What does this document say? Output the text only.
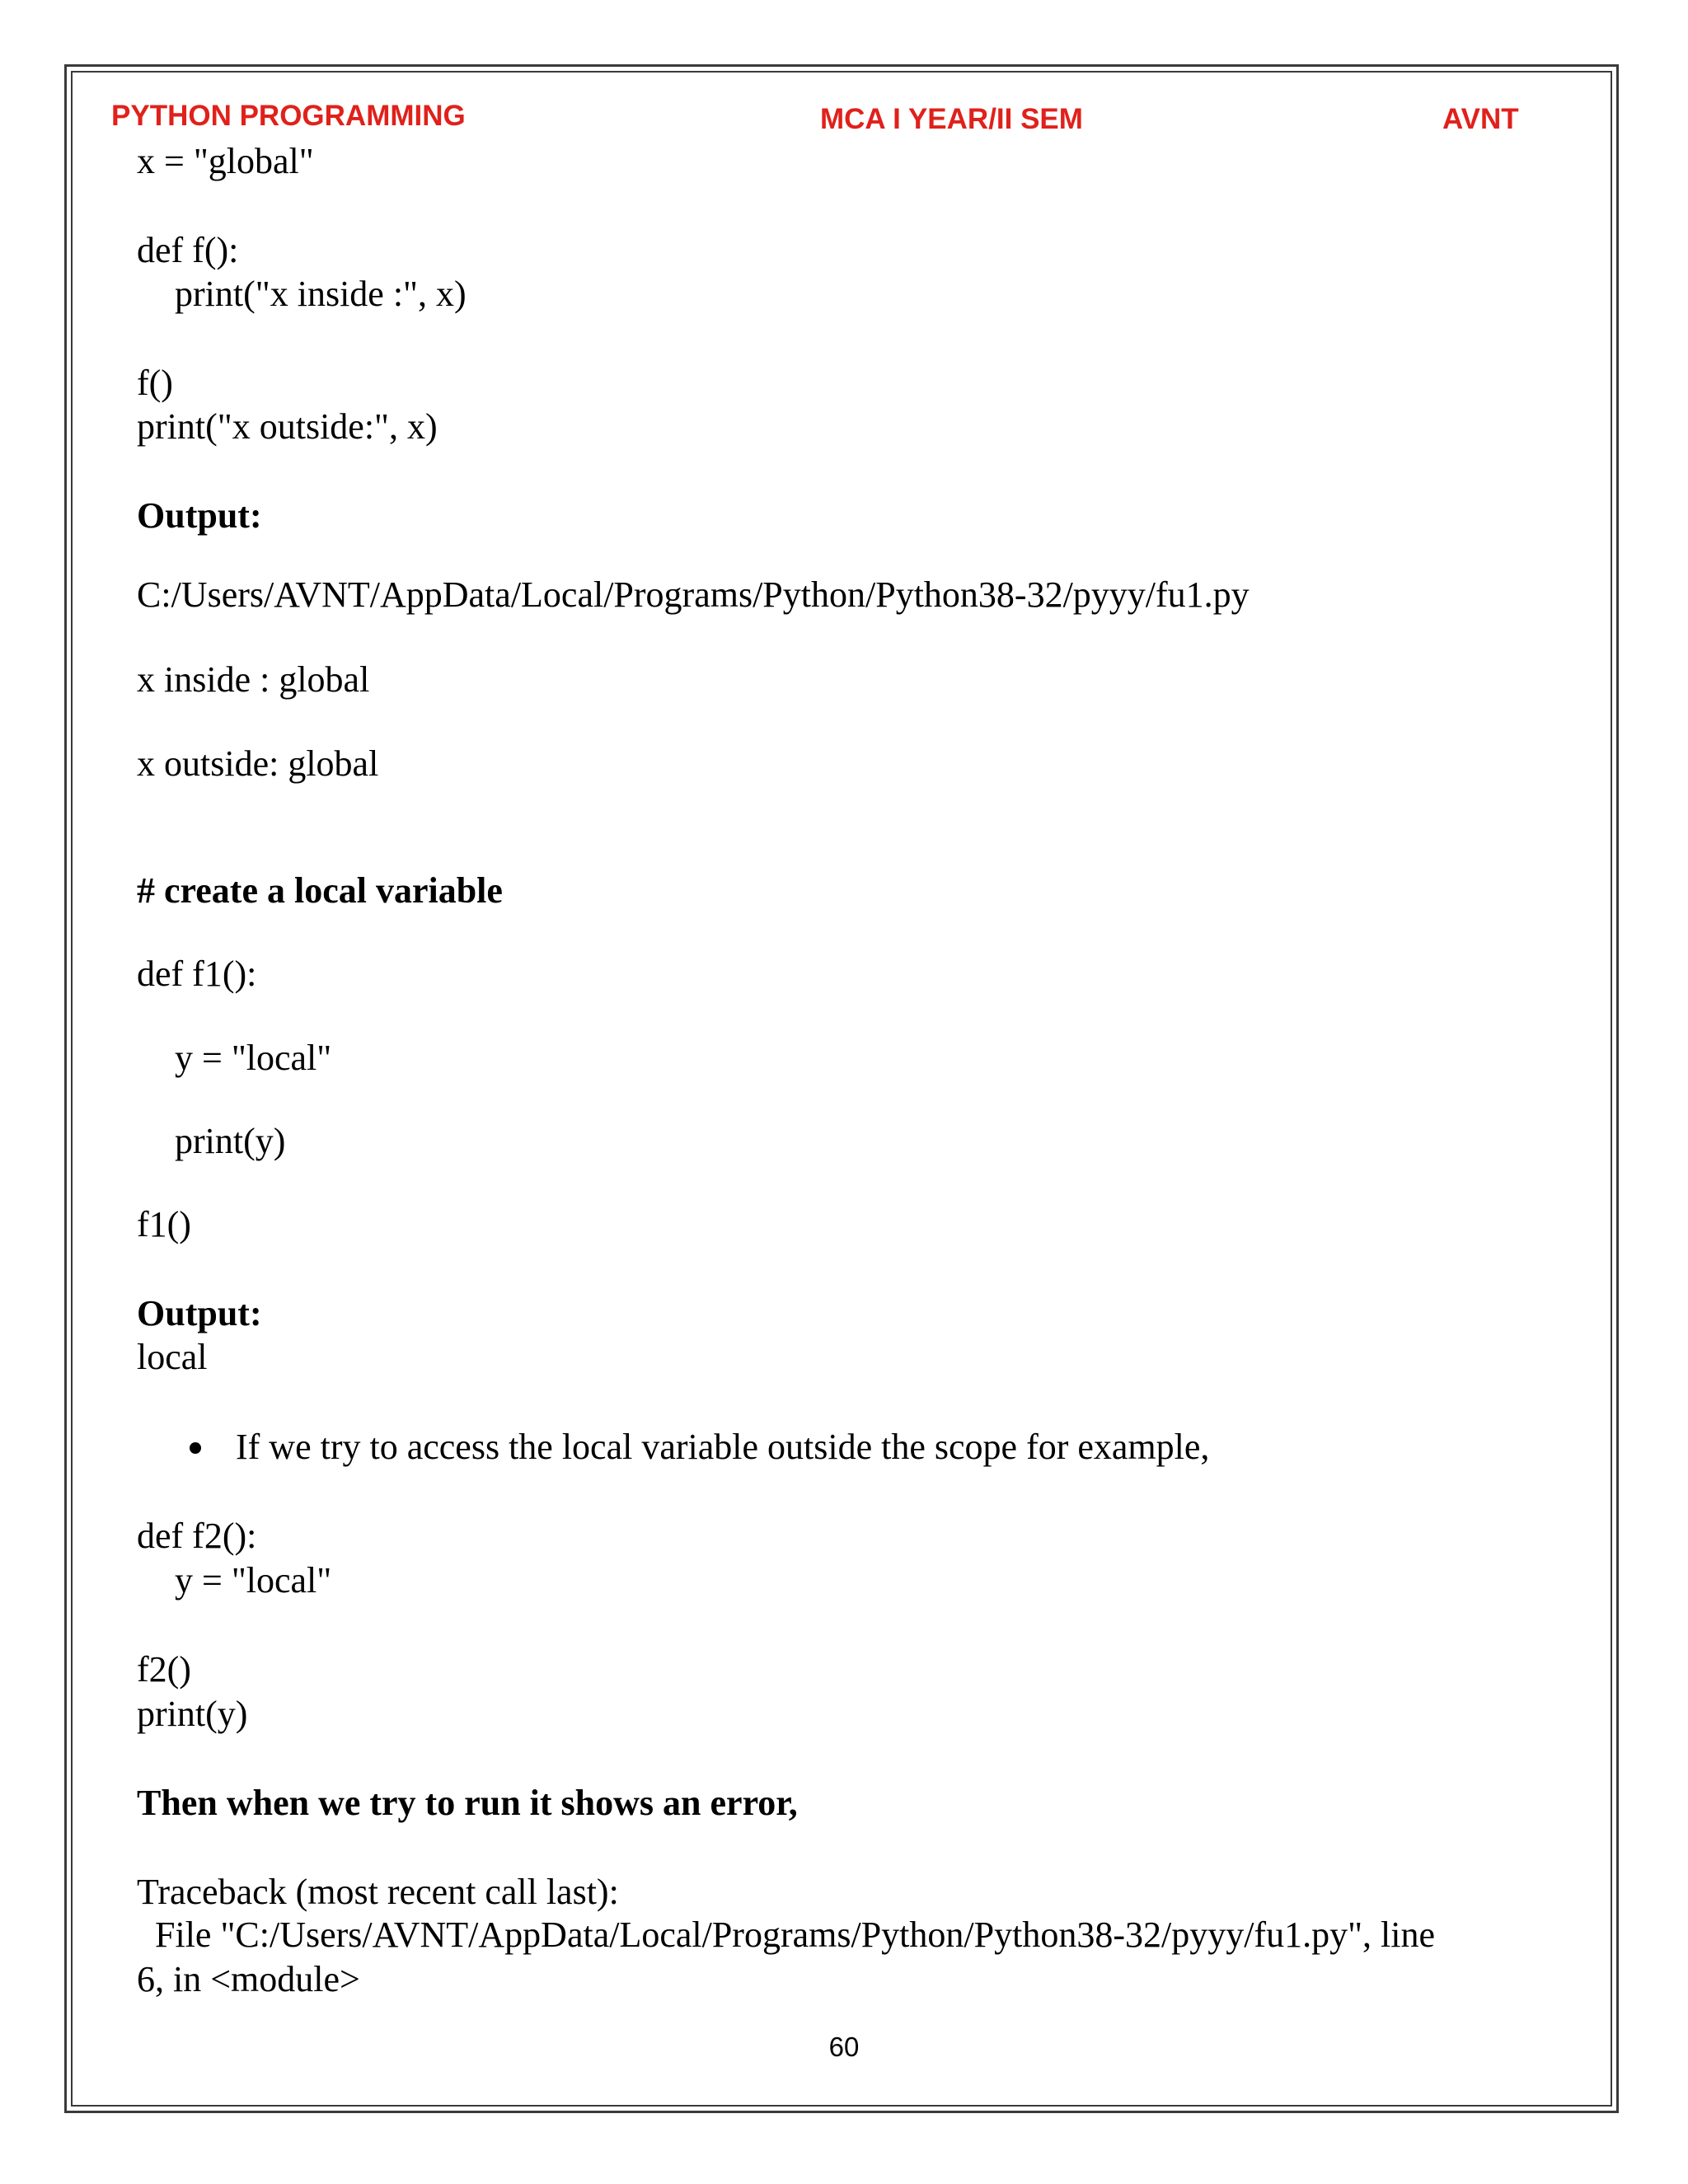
PYTHON PROGRAMMING	MCA I YEAR/II SEM	AVNT
x = "global"
def f():
print("x inside :", x)
f()
print("x outside:", x)
Output:
C:/Users/AVNT/AppData/Local/Programs/Python/Python38-32/pyyy/fu1.py
x inside : global
x outside: global
# create a local variable
def f1():
y = "local"
print(y)
f1()
Output:
local
If we try to access the local variable outside the scope for example,
def f2():
y = "local"
f2()
print(y)
Then when we try to run it shows an error,
Traceback (most recent call last):
File "C:/Users/AVNT/AppData/Local/Programs/Python/Python38-32/pyyy/fu1.py", line
6, in <module>
60
